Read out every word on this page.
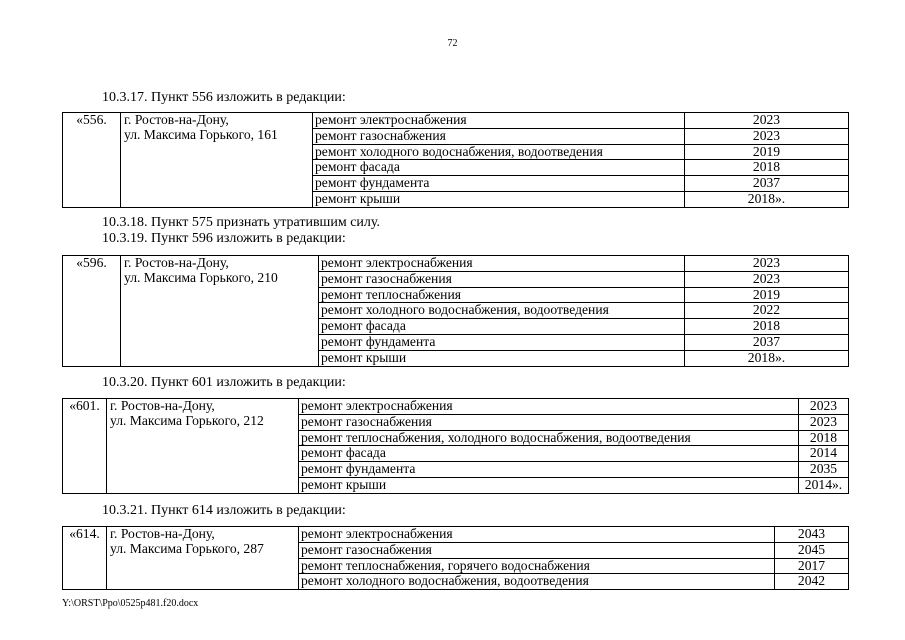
72
10.3.17. Пункт 556 изложить в редакции:
«556.	г. Ростов-на-Дону,
ул. Максима Горького, 161	ремонт электроснабжения	2023
		ремонт газоснабжения	2023
		ремонт холодного водоснабжения, водоотведения	2019
		ремонт фасада	2018
		ремонт фундамента	2037
		ремонт крыши	2018».
10.3.18. Пункт 575 признать утратившим силу.
10.3.19. Пункт 596 изложить в редакции:
«596.	г. Ростов-на-Дону,
ул. Максима Горького, 210	ремонт электроснабжения	2023
		ремонт газоснабжения	2023
		ремонт теплоснабжения	2019
		ремонт холодного водоснабжения, водоотведения	2022
		ремонт фасада	2018
		ремонт фундамента	2037
		ремонт крыши	2018».
10.3.20. Пункт 601 изложить в редакции:
«601.	г. Ростов-на-Дону,
ул. Максима Горького, 212	ремонт электроснабжения	2023
		ремонт газоснабжения	2023
		ремонт теплоснабжения, холодного водоснабжения, водоотведения	2018
		ремонт фасада	2014
		ремонт фундамента	2035
		ремонт крыши	2014».
10.3.21. Пункт 614 изложить в редакции:
«614.	г. Ростов-на-Дону,
ул. Максима Горького, 287	ремонт электроснабжения	2043
		ремонт газоснабжения	2045
		ремонт теплоснабжения, горячего водоснабжения	2017
		ремонт холодного водоснабжения, водоотведения	2042
Y:\ORST\Ppo\0525p481.f20.docx
